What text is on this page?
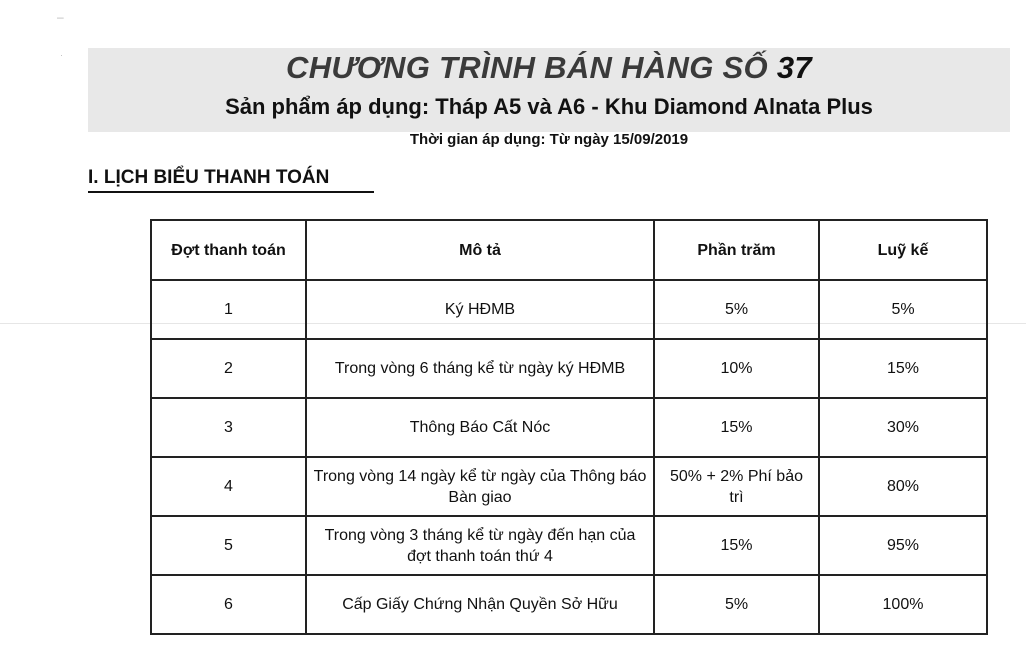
–
·	CHƯƠNG TRÌNH BÁN HÀNG SỐ 37
Sản phẩm áp dụng: Tháp A5 và A6 - Khu Diamond Alnata Plus
Thời gian áp dụng: Từ ngày 15/09/2019
I. LỊCH BIỂU THANH TOÁN
Đợt thanh toán	Mô tả	Phần trăm	Luỹ kế
1	Ký HĐMB	5%	5%
2	Trong vòng 6 tháng kể từ ngày ký HĐMB	10%	15%
3	Thông Báo Cất Nóc	15%	30%
4	Trong vòng 14 ngày kể từ ngày của Thông báo Bàn giao	50% + 2% Phí bảo trì	80%
5	Trong vòng 3 tháng kể từ ngày đến hạn của đợt thanh toán thứ 4	15%	95%
6	Cấp Giấy Chứng Nhận Quyền Sở Hữu	5%	100%
